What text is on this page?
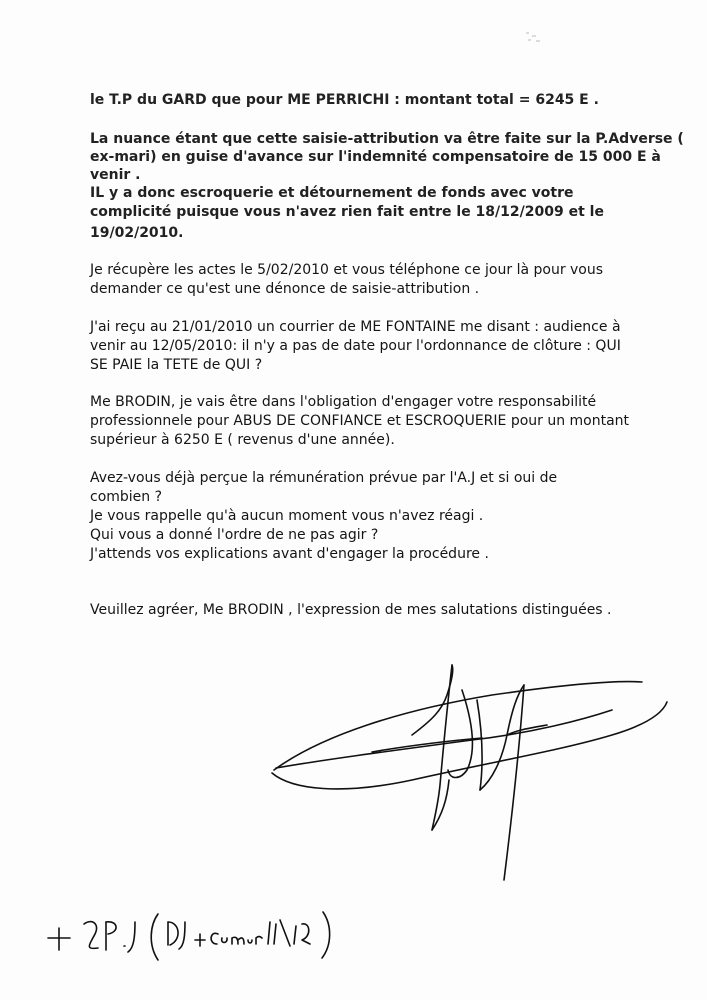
le T.P du GARD que pour ME PERRICHI : montant total = 6245 E .
La nuance étant que cette saisie-attribution va être faite sur la P.Adverse (
ex-mari) en guise d'avance sur l'indemnité compensatoire de 15 000 E à
venir .
IL y a donc escroquerie et détournement de fonds avec votre
complicité puisque vous n'avez rien fait entre le 18/12/2009 et le
19/02/2010.
Je récupère les actes le 5/02/2010 et vous téléphone ce jour là pour vous
demander ce qu'est une dénonce de saisie-attribution .
J'ai reçu au 21/01/2010 un courrier de ME FONTAINE me disant : audience à
venir au 12/05/2010: il n'y a pas de date pour l'ordonnance de clôture : QUI
SE PAIE la TETE de QUI ?
Me BRODIN, je vais être dans l'obligation d'engager votre responsabilité
professionnele pour ABUS DE CONFIANCE et ESCROQUERIE pour un montant
supérieur à 6250 E ( revenus d'une année).
Avez-vous déjà perçue la rémunération prévue par l'A.J et si oui de
combien ?
Je vous rappelle qu'à aucun moment vous n'avez réagi .
Qui vous a donné l'ordre de ne pas agir ?
J'attends vos explications avant d'engager la procédure .
Veuillez agréer, Me BRODIN , l'expression de mes salutations distinguées .
